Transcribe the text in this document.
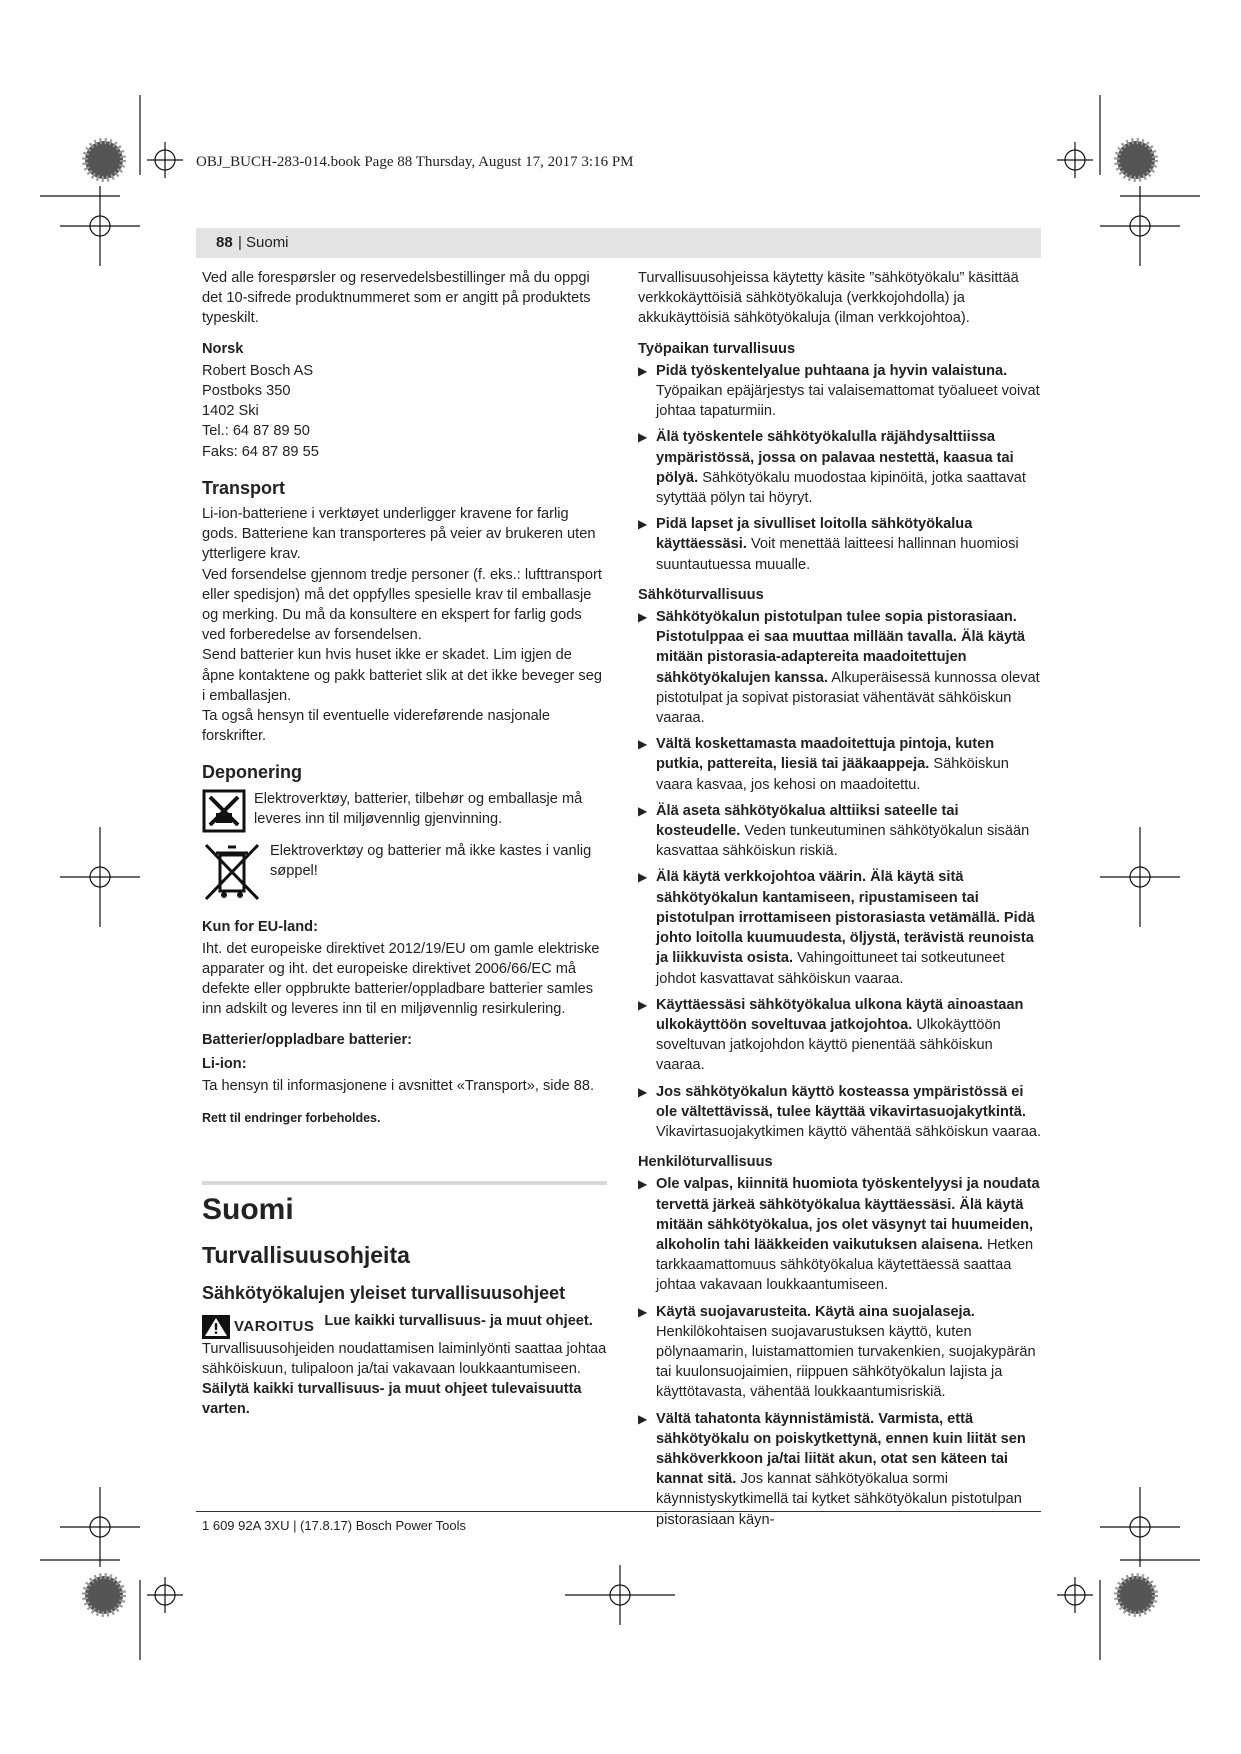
OBJ_BUCH-283-014.book Page 88 Thursday, August 17, 2017 3:16 PM
88 | Suomi

Ved alle forespørsler og reservedelsbestillinger må du oppgi det 10-sifrede produktnummeret som er angitt på produktets typeskilt.

Norsk
Robert Bosch AS
Postboks 350
1402 Ski
Tel.: 64 87 89 50
Faks: 64 87 89 55
Transport
Li-ion-batteriene i verktøyet underligger kravene for farlig gods. Batteriene kan transporteres på veier av brukeren uten ytterligere krav.
Ved forsendelse gjennom tredje personer (f. eks.: lufttransport eller spedisjon) må det oppfylles spesielle krav til emballasje og merking. Du må da konsultere en ekspert for farlig gods ved forberedelse av forsendelsen.
Send batterier kun hvis huset ikke er skadet. Lim igjen de åpne kontaktene og pakk batteriet slik at det ikke beveger seg i emballasjen.
Ta også hensyn til eventuelle videreførende nasjonale forskrifter.
Deponering
Elektroverktøy, batterier, tilbehør og emballasje må leveres inn til miljøvennlig gjenvinning.
Elektroverktøy og batterier må ikke kastes i vanlig søppel!
Kun for EU-land:

Iht. det europeiske direktivet 2012/19/EU om gamle elektriske apparater og iht. det europeiske direktivet 2006/66/EC må defekte eller oppbrukte batterier/oppladbare batterier samles inn adskilt og leveres inn til en miljøvennlig resirkulering.

Batterier/oppladbare batterier:
Li-ion:

Ta hensyn til informasjonene i avsnittet «Transport», side 88.

Rett til endringer forbeholdes.
Suomi
Turvallisuusohjeita
Sähkötyökalujen yleiset turvallisuusohjeet
VAROITUS Lue kaikki turvallisuus- ja muut ohjeet.
Turvallisuusohjeiden noudattamisen laiminlyönti saattaa johtaa sähköiskuun, tulipaloon ja/tai vakavaan loukkaantumiseen.
Säilytä kaikki turvallisuus- ja muut ohjeet tulevaisuutta varten.

Turvallisuusohjeissa käytetty käsite ”sähkötyökalu” käsittää verkkokäyttöisiä sähkötyökaluja (verkkojohdolla) ja akkukäyttöisiä sähkötyökaluja (ilman verkkojohtoa).

Työpaikan turvallisuus
▶ Pidä työskentelyalue puhtaana ja hyvin valaistuna. Työpaikan epäjärjestys tai valaisemattomat työalueet voivat johtaa tapaturmiin.
▶ Älä työskentele sähkötyökalulla räjähdysalttiissa ympäristössä, jossa on palavaa nestettä, kaasua tai pölyä. Sähkötyökalu muodostaa kipinöitä, jotka saattavat sytyttää pölyn tai höyryt.
▶ Pidä lapset ja sivulliset loitolla sähkötyökalua käyttäessäsi. Voit menettää laitteesi hallinnan huomiosi suuntautuessa muualle.
Sähköturvallisuus
▶ Sähkötyökalun pistotulpan tulee sopia pistorasiaan. Pistotulppaa ei saa muuttaa millään tavalla. Älä käytä mitään pistorasia-adaptereita maadoitettujen sähkötyökalujen kanssa. Alkuperäisessä kunnossa olevat pistotulpat ja sopivat pistorasiat vähentävät sähköiskun vaaraa.
▶ Vältä koskettamasta maadoitettuja pintoja, kuten putkia, pattereita, liesiä tai jääkaappeja. Sähköiskun vaara kasvaa, jos kehosi on maadoitettu.
▶ Älä aseta sähkötyökalua alttiiksi sateelle tai kosteudelle. Veden tunkeutuminen sähkötyökalun sisään kasvattaa sähköiskun riskiä.
▶ Älä käytä verkkojohtoa väärin. Älä käytä sitä sähkötyökalun kantamiseen, ripustamiseen tai pistotulpan irrottamiseen pistorasiasta vetämällä. Pidä johto loitolla kuumuudesta, öljystä, terävistä reunoista ja liikkuvista osista. Vahingoittuneet tai sotkeutuneet johdot kasvattavat sähköiskun vaaraa.
▶ Käyttäessäsi sähkötyökalua ulkona käytä ainoastaan ulkokäyttöön soveltuvaa jatkojohtoa. Ulkokäyttöön soveltuvan jatkojohdon käyttö pienentää sähköiskun vaaraa.
▶ Jos sähkötyökalun käyttö kosteassa ympäristössä ei ole vältettävissä, tulee käyttää vikavirtasuojakytkintä. Vikavirtasuojakytkimen käyttö vähentää sähköiskun vaaraa.
Henkilöturvallisuus
▶ Ole valpas, kiinnitä huomiota työskentelyysi ja noudata tervettä järkeä sähkötyökalua käyttäessäsi. Älä käytä mitään sähkötyökalua, jos olet väsynyt tai huumeiden, alkoholin tahi lääkkeiden vaikutuksen alaisena. Hetken tarkkaamattomuus sähkötyökalua käytettäessä saattaa johtaa vakavaan loukkaantumiseen.
▶ Käytä suojavarusteita. Käytä aina suojalaseja. Henkilökohtaisen suojavarustuksen käyttö, kuten pölynaamarin, luistamattomien turvakenkien, suojakypärän tai kuulonsuojaimien, riippuen sähkötyökalun lajista ja käyttötavasta, vähentää loukkaantumisriskiä.
▶ Vältä tahatonta käynnistämistä. Varmista, että sähkötyökalu on poiskytkettynä, ennen kuin liität sen sähköverkkoon ja/tai liität akun, otat sen käteen tai kannat sitä. Jos kannat sähkötyökalua sormi käynnistyskytkimellä tai kytket sähkötyökalun pistotulpan pistorasiaan käyn-
1 609 92A 3XU | (17.8.17) Bosch Power Tools
